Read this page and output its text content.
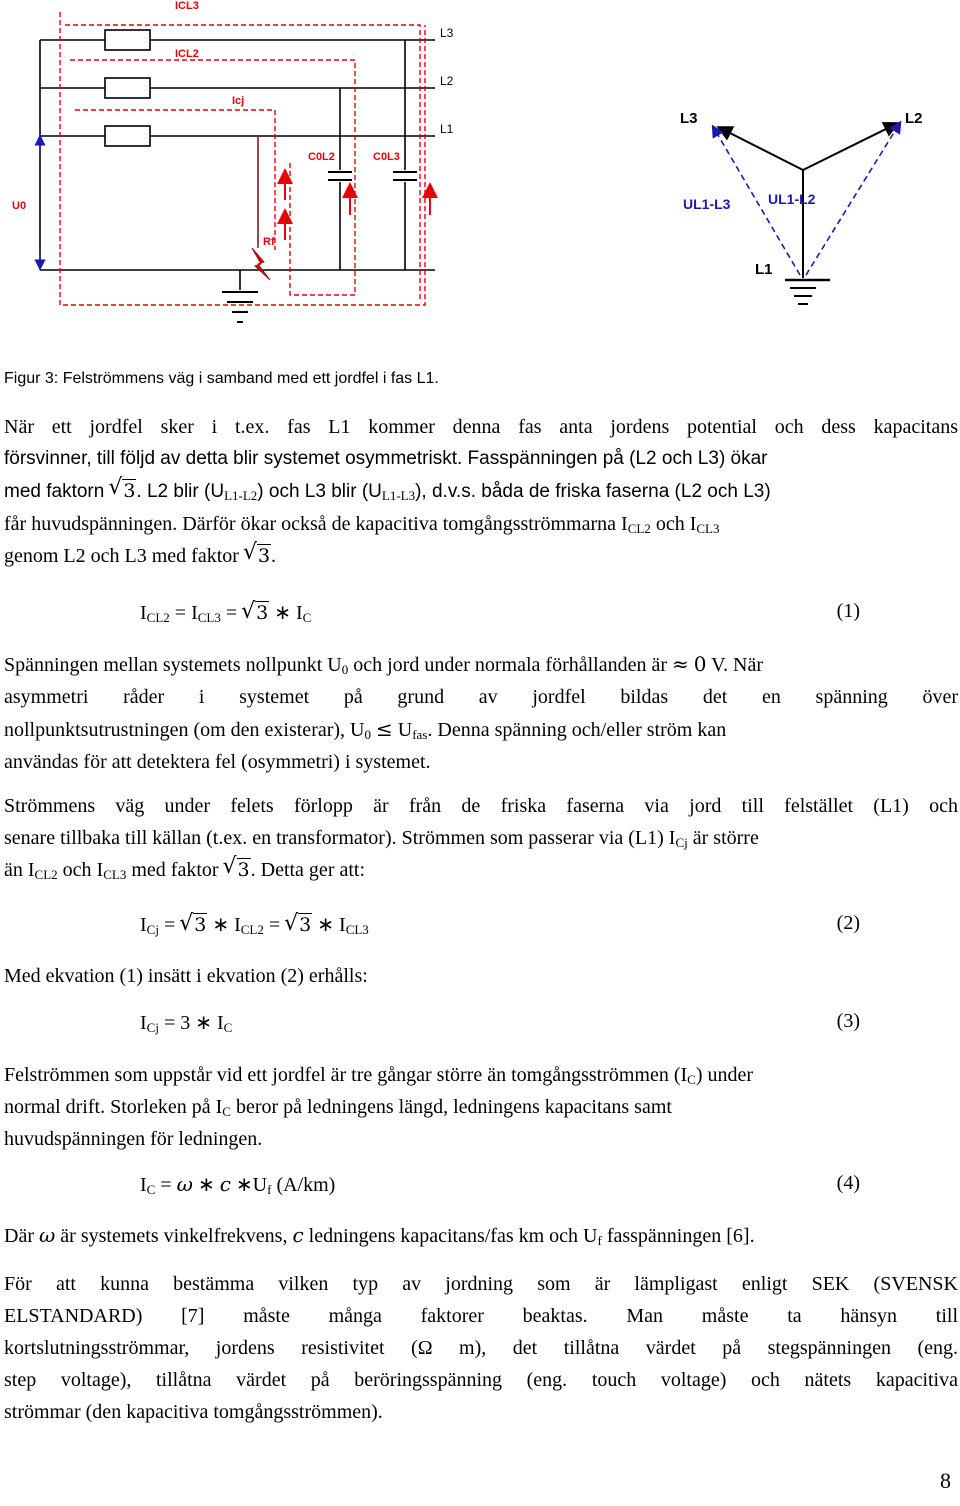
ICL3
ICL2
Icj
C0L2	C0L3
U0
Rf
L3
L2
L1
L3	L2
L1
UL1-L3	UL1-L2
Figur 3: Felströmmens väg i samband med ett jordfel i fas L1.
När ett jordfel sker i t.ex. fas L1 kommer denna fas anta jordens potential och dess kapacitans
försvinner, till följd av detta blir systemet osymmetriskt. Fasspänningen på (L2 och L3) ökar
med faktorn √ 3. L2 blir $(U_{L1-L2})$ och L3 blir $(U_{L1-L3})$, d.v.s. båda de friska faserna (L2 och L3)
får huvudspänningen. Därför ökar också de kapacitiva tomgångsströmmarna $I_{CL2}$ och $I_{CL3}$
genom L2 och L3 med faktor √ 3.
$I_{CL2} = I_{CL3}$ = √ 3 ∗ $I_C$	(1)
Spänningen mellan systemets nollpunkt $U_0$ och jord under normala förhållanden är ≈ 0 V. När
asymmetri råder i systemet på grund av jordfel bildas det en spänning över
nollpunktsutrustningen (om den existerar), $U_0 \le U_{fas}$. Denna spänning och/eller ström kan
användas för att detektera fel (osymmetri) i systemet.
Strömmens väg under felets förlopp är från de friska faserna via jord till felstället (L1) och
senare tillbaka till källan (t.ex. en transformator). Strömmen som passerar via (L1) $I_{Cj}$ är större
än $I_{CL2}$ och $I_{CL3}$ med faktor √ 3. Detta ger att:
$I_{Cj}$ = √ 3 ∗ $I_{CL2}$ = √ 3 ∗ $I_{CL3}$	(2)
Med ekvation (1) insätt i ekvation (2) erhålls:
$I_{Cj} = 3$ ∗ $I_C$	(3)
Felströmmen som uppstår vid ett jordfel är tre gångar större än tomgångsströmmen $(I_C)$ under
normal drift. Storleken på $I_C$ beror på ledningens längd, ledningens kapacitans samt
huvudspänningen för ledningen.
$I_C = \omega$ ∗ c $∗U_f$ (A/km)	(4)
Där ω är systemets vinkelfrekvens, c ledningens kapacitans/fas km och $U_f$ fasspänningen [6].
För att kunna bestämma vilken typ av jordning som är lämpligast enligt SEK (SVENSK
ELSTANDARD) [7] måste många faktorer beaktas. Man måste ta hänsyn till
kortslutningsströmmar, jordens resistivitet (Ω m), det tillåtna värdet på stegspänningen (eng.
step voltage), tillåtna värdet på beröringsspänning (eng. touch voltage) och nätets kapacitiva
strömmar (den kapacitiva tomgångsströmmen).
8
